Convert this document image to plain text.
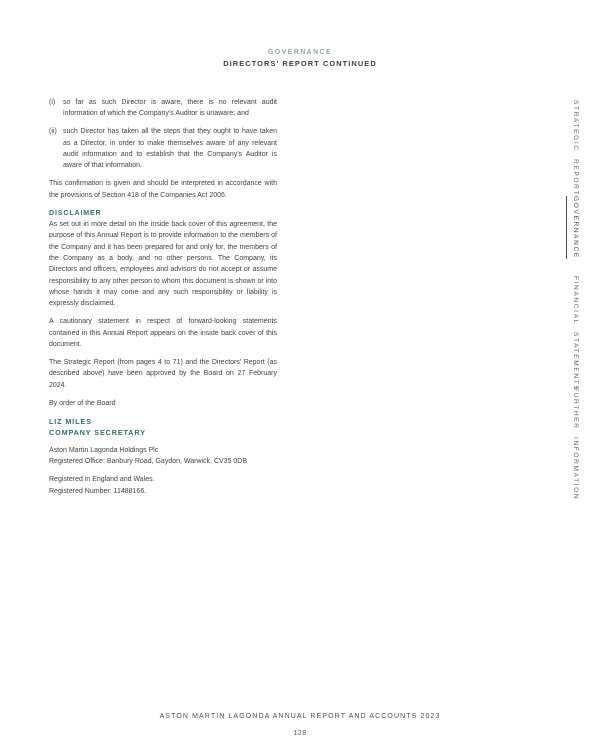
GOVERNANCE
DIRECTORS’ REPORT CONTINUED

(i) so far as such Director is aware, there is no relevant audit information of which the Company’s Auditor is unaware; and

(ii) such Director has taken all the steps that they ought to have taken as a Director, in order to make themselves aware of any relevant audit information and to establish that the Company’s Auditor is aware of that information.

This confirmation is given and should be interpreted in accordance with the provisions of Section 418 of the Companies Act 2006.

DISCLAIMER

As set out in more detail on the inside back cover of this agreement, the purpose of this Annual Report is to provide information to the members of the Company and it has been prepared for and only for, the members of the Company as a body, and no other persons. The Company, its Directors and officers, employees and advisors do not accept or assume responsibility to any other person to whom this document is shown or into whose hands it may come and any such responsibility or liability is expressly disclaimed.

A cautionary statement in respect of forward-looking statements contained in this Annual Report appears on the inside back cover of this document.

The Strategic Report (from pages 4 to 71) and the Directors’ Report (as described above) have been approved by the Board on 27 February 2024.

By order of the Board

LIZ MILES
COMPANY SECRETARY

Aston Martin Lagonda Holdings Plc
Registered Office: Banbury Road, Gaydon, Warwick, CV35 0DB

Registered in England and Wales.
Registered Number: 11488166.

STRATEGIC REPORT
GOVERNANCE
FINANCIAL STATEMENTS
FURTHER INFORMATION
ASTON MARTIN LAGONDA ANNUAL REPORT AND ACCOUNTS 2023
128
